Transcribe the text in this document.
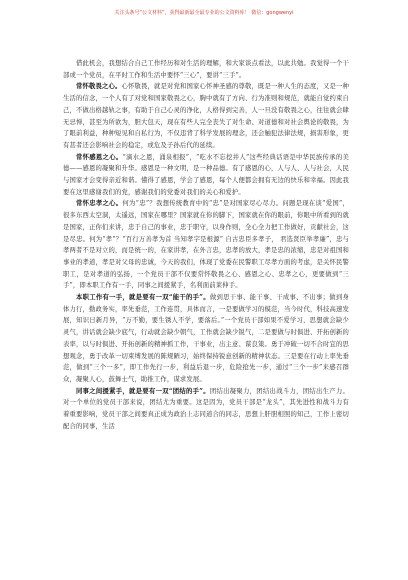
关注头条号“公文材料”，获得最新最全最专业的公文资料库！ 微信：gongwenyi

借此机会，我想结合自己工作经历和对生活的理解，和大家谈点看法，以此共勉。我觉得一个干部或一个党员，在平时工作和生活中要怀“三心”，要讲“三手”。

常怀敬畏之心。心怀敬畏，就是对党和国家心怀神圣感的尊敬，既是一种人生的态度，又是一种生活的信念，一个人有了对党和国家敬畏之心，胸中就有了方向、行为准则和规范，就能自觉约束自己，不做出格越轨之事，有助于自己心灵的净化，人格得到完善，人一旦没有敬畏之心，往往就会肆无忌惮，甚至为所欲为，胆大包天，现在有些人完全丧失了对生命、对道德和对社会舆论的敬畏，为了眼前利益，种种短见和自私行为，不仅违背了科学发展的理念，还会触犯法律法规，损害形象，更有甚者还会影响社会的稳定，或危及子孙后代的延续。

常怀感恩之心。“滴水之恩，涌泉相报”，“吃水不忘挖井人”这些经典话语是中华民族传承的美德——感恩的凝聚和升华。感恩是一种文明，是一种品德。有了感恩的心，人与人、人与社会，人民与国家才会变得亲近和谐。懂得了感恩，学会了感恩，每个人便都会拥有无边的快乐和幸福。因此我要在这里感谢我们的党，感谢我们的党委对我们的关心和爱护。

常怀忠孝之心。何为“忠”？我想传统教育中的“忠”是对国家尽心尽力。问题是现在谈“爱国”，很多东西太空洞，太遥远，国家在哪里？国家就在你的脚下，国家就在你的眼前，你眼中所看到的就是国家，正你们来讲，忠于自己的事业，忠于职守，以身作则，全心全力把工作做好，贡献社会，这是尽忠。何为“孝”？“百行万善孝为首 当知孝字是根源” 自古忠臣多孝子， 君选贤臣举孝廉”，忠与孝两者不是对立的，而是统一的，在家讲孝，在外言忠，忠孝的放大，孝是忠的浓缩，忠是对祖国和事业的孝道，孝是对父母的忠诚，今天的我们，体现了党委在民警职工尽孝方面的考虑，是关怀民警职工，是对孝道的弘扬，一个党员干部不仅要常怀敬畏之心、感恩之心、忠孝之心，更要做到“三手”，即本职工作有一手，同事之间援紧手，名利面前莱伸手。

本职工作有一手，就是要有一双“能干的手”。做到思干事、能干事、干成事、不出事；做到身体力行，勤政务实，率先垂范，工作连贯，具体而言，一是要做学习的模范，当今时代，科技高速发展，知识日新月异，“万不勤，要生锈人不学，要落后。”一个党员干部如果不爱学习，思想就会缺少灵气，讲话就会缺少底气，行动就会缺少朝气，工作就会缺少锐气，二是要做与时俱进、开拓创新的表率，以与时俱进、开拓创新的精神抓工作，干事业，出主意、谋良策。勇于冲破一切不合时宜的思想观念，勇于改革一切束缚发展的陈规陋习，始终保持锐意创新的精神状态。三是要在行动上率先垂范，做到“三个一多”，即工作先行一步，利益后退一步，危险抢先一步，通过“三个一步”来感召群众，凝聚人心，鼓舞士气，助推工作，谋求发展。

同事之间援紧手，就是要有一双“团结的手”。团结出凝聚力，团结出战斗力，团结出生产力。对一个单位的党员干部来说，团结尤为重要。这是因为，党员干部是“龙头”，其先进性和战斗力有着重要影响，党员干部之间要真正成为政治上志同道合的同志，思想上肝胆相照的知己，工作上密切配合的同事，生活
